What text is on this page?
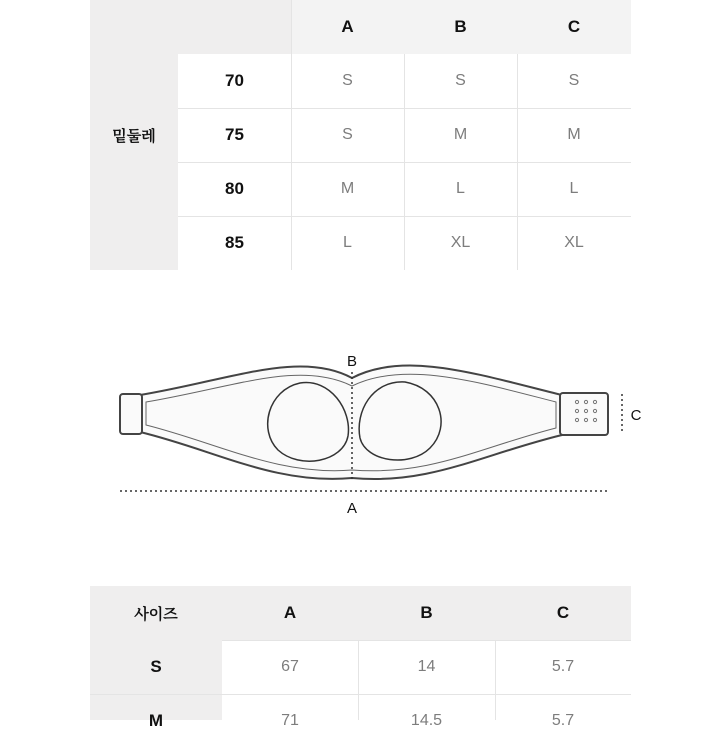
밑둘레
A	B	C
70	S	S	S
75	S	M	M
80	M	L	L
85	L	XL	XL
B
C
A
사이즈	A	B	C
S	67	14	5.7
M	71	14.5	5.7
